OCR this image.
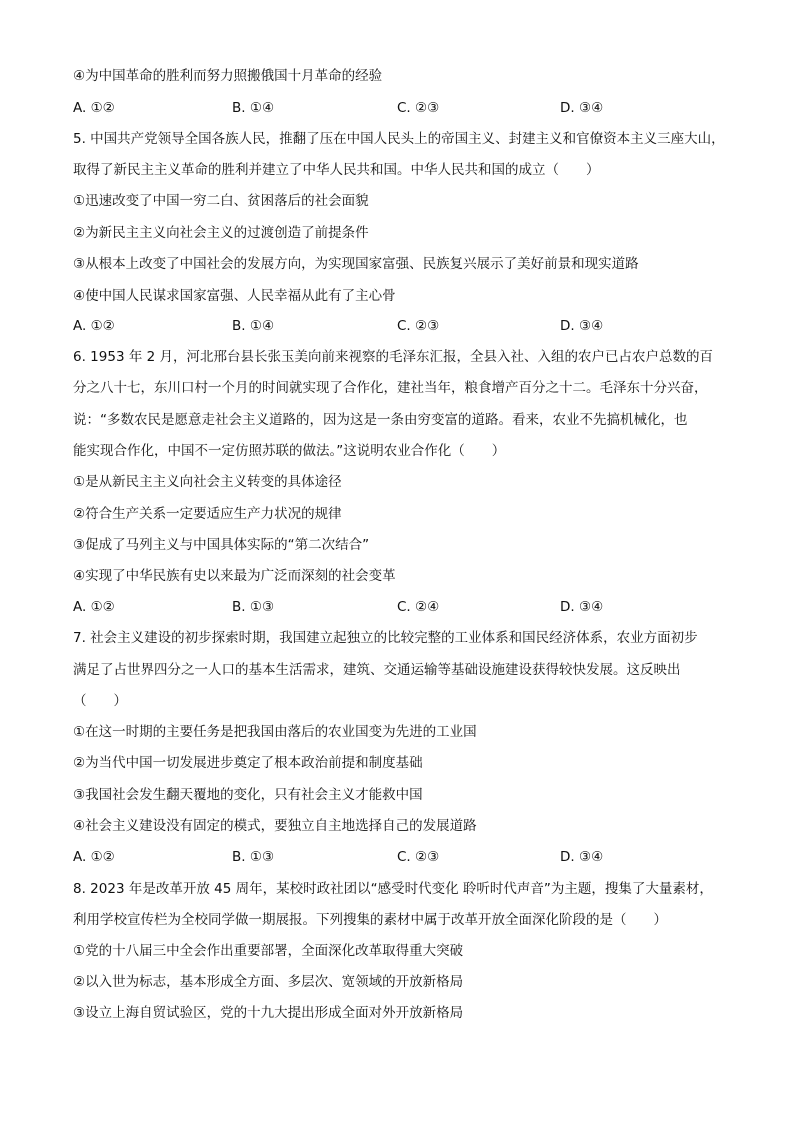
④为中国革命的胜利而努力照搬俄国十月革命的经验
A. ①②	B. ①④	C. ②③	D. ③④
5. 中国共产党领导全国各族人民，推翻了压在中国人民头上的帝国主义、封建主义和官僚资本主义三座大山，
取得了新民主主义革命的胜利并建立了中华人民共和国。中华人民共和国的成立（　　）
①迅速改变了中国一穷二白、贫困落后的社会面貌
②为新民主主义向社会主义的过渡创造了前提条件
③从根本上改变了中国社会的发展方向，为实现国家富强、民族复兴展示了美好前景和现实道路
④使中国人民谋求国家富强、人民幸福从此有了主心骨
A. ①②	B. ①④	C. ②③	D. ③④
6. 1953 年 2 月，河北邢台县长张玉美向前来视察的毛泽东汇报，全县入社、入组的农户已占农户总数的百
分之八十七，东川口村一个月的时间就实现了合作化，建社当年，粮食增产百分之十二。毛泽东十分兴奋，
说：“多数农民是愿意走社会主义道路的，因为这是一条由穷变富的道路。看来，农业不先搞机械化，也
能实现合作化，中国不一定仿照苏联的做法。”这说明农业合作化（　　）
①是从新民主主义向社会主义转变的具体途径
②符合生产关系一定要适应生产力状况的规律
③促成了马列主义与中国具体实际的“第二次结合”
④实现了中华民族有史以来最为广泛而深刻的社会变革
A. ①②	B. ①③	C. ②④	D. ③④
7. 社会主义建设的初步探索时期，我国建立起独立的比较完整的工业体系和国民经济体系，农业方面初步
满足了占世界四分之一人口的基本生活需求，建筑、交通运输等基础设施建设获得较快发展。这反映出
（　　）
①在这一时期的主要任务是把我国由落后的农业国变为先进的工业国
②为当代中国一切发展进步奠定了根本政治前提和制度基础
③我国社会发生翻天覆地的变化，只有社会主义才能救中国
④社会主义建设没有固定的模式，要独立自主地选择自己的发展道路
A. ①②	B. ①③	C. ②③	D. ③④
8. 2023 年是改革开放 45 周年，某校时政社团以“感受时代变化 聆听时代声音”为主题，搜集了大量素材，
利用学校宣传栏为全校同学做一期展报。下列搜集的素材中属于改革开放全面深化阶段的是（　　）
①党的十八届三中全会作出重要部署，全面深化改革取得重大突破
②以入世为标志，基本形成全方面、多层次、宽领域的开放新格局
③设立上海自贸试验区，党的十九大提出形成全面对外开放新格局
